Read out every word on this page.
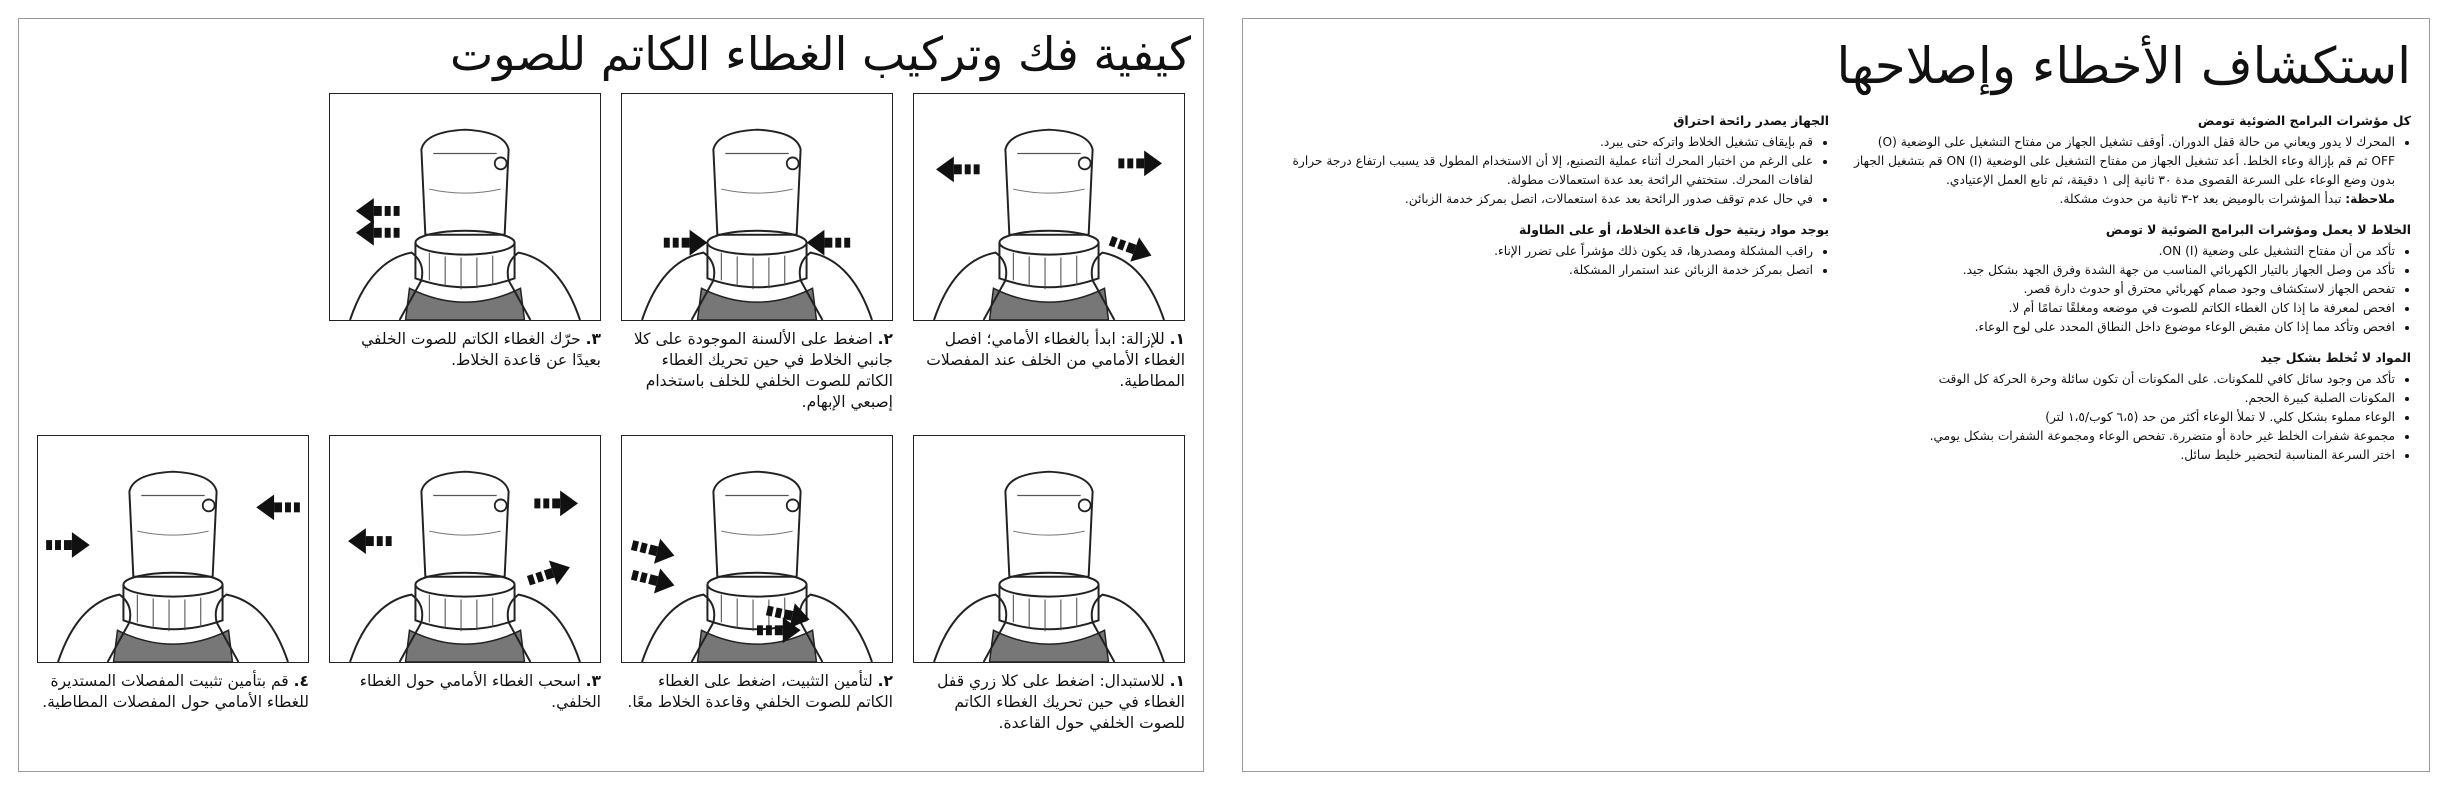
كيفية فك وتركيب الغطاء الكاتم للصوت
١. للإزالة: ابدأ بالغطاء الأمامي؛ افصل الغطاء الأمامي من الخلف عند المفصلات المطاطية.
٢. اضغط على الألسنة الموجودة على كلا جانبي الخلاط في حين تحريك الغطاء الكاتم للصوت الخلفي للخلف باستخدام إصبعي الإبهام.
٣. حرّك الغطاء الكاتم للصوت الخلفي بعيدًا عن قاعدة الخلاط.
١. للاستبدال: اضغط على كلا زري قفل الغطاء في حين تحريك الغطاء الكاتم للصوت الخلفي حول القاعدة.
٢. لتأمين التثبيت، اضغط على الغطاء الكاتم للصوت الخلفي وقاعدة الخلاط معًا.
٣. اسحب الغطاء الأمامي حول الغطاء الخلفي.
٤. قم بتأمين تثبيت المفصلات المستديرة للغطاء الأمامي حول المفصلات المطاطية.
استكشاف الأخطاء وإصلاحها
كل مؤشرات البرامج الضوئية تومض
• المحرك لا يدور ويعاني من حالة قفل الدوران. أوقف تشغيل الجهاز من مفتاح التشغيل على الوضعية (O) OFF ثم قم بإزالة وعاء الخلط. أعد تشغيل الجهاز من مفتاح التشغيل على الوضعية (I) ON قم بتشغيل الجهاز بدون وضع الوعاء على السرعة القصوى مدة ٣٠ ثانية إلى ١ دقيقة، ثم تابع العمل الإعتيادي.
ملاحظة: تبدأ المؤشرات بالوميض بعد ٢-٣ ثانية من حدوث مشكلة.
الخلاط لا يعمل ومؤشرات البرامج الضوئية لا تومض
• تأكد من أن مفتاح التشغيل على وضعية (I) ON.
• تأكد من وصل الجهاز بالتيار الكهربائي المناسب من جهة الشدة وفرق الجهد بشكل جيد.
• تفحص الجهاز لاستكشاف وجود صمام كهربائي محترق أو حدوث دارة قصر.
• افحص لمعرفة ما إذا كان الغطاء الكاتم للصوت في موضعه ومغلقًا تمامًا أم لا.
• افحص وتأكد مما إذا كان مقبض الوعاء موضوع داخل النطاق المحدد على لوح الوعاء.
المواد لا تُخلط بشكل جيد
• تأكد من وجود سائل كافي للمكونات. على المكونات أن تكون سائلة وحرة الحركة كل الوقت
• المكونات الصلبة كبيرة الحجم.
• الوعاء مملوء بشكل كلي. لا تملأ الوعاء أكثر من حد (٦،٥ كوب/١،٥ لتر)
• مجموعة شفرات الخلط غير حادة أو متضررة. تفحص الوعاء ومجموعة الشفرات بشكل يومي.
• اختر السرعة المناسبة لتحضير خليط سائل.
الجهاز يصدر رائحة احتراق
• قم بإيقاف تشغيل الخلاط واتركه حتى يبرد.
• على الرغم من اختبار المحرك أثناء عملية التصنيع، إلا أن الاستخدام المطول قد يسبب ارتفاع درجة حرارة لفافات المحرك. ستختفي الرائحة بعد عدة استعمالات مطولة.
• في حال عدم توقف صدور الرائحة بعد عدة استعمالات، اتصل بمركز خدمة الزبائن.
يوجد مواد زيتية حول قاعدة الخلاط، أو على الطاولة
• راقب المشكلة ومصدرها، قد يكون ذلك مؤشراً على تضرر الإناء.
• اتصل بمركز خدمة الزبائن عند استمرار المشكلة.
